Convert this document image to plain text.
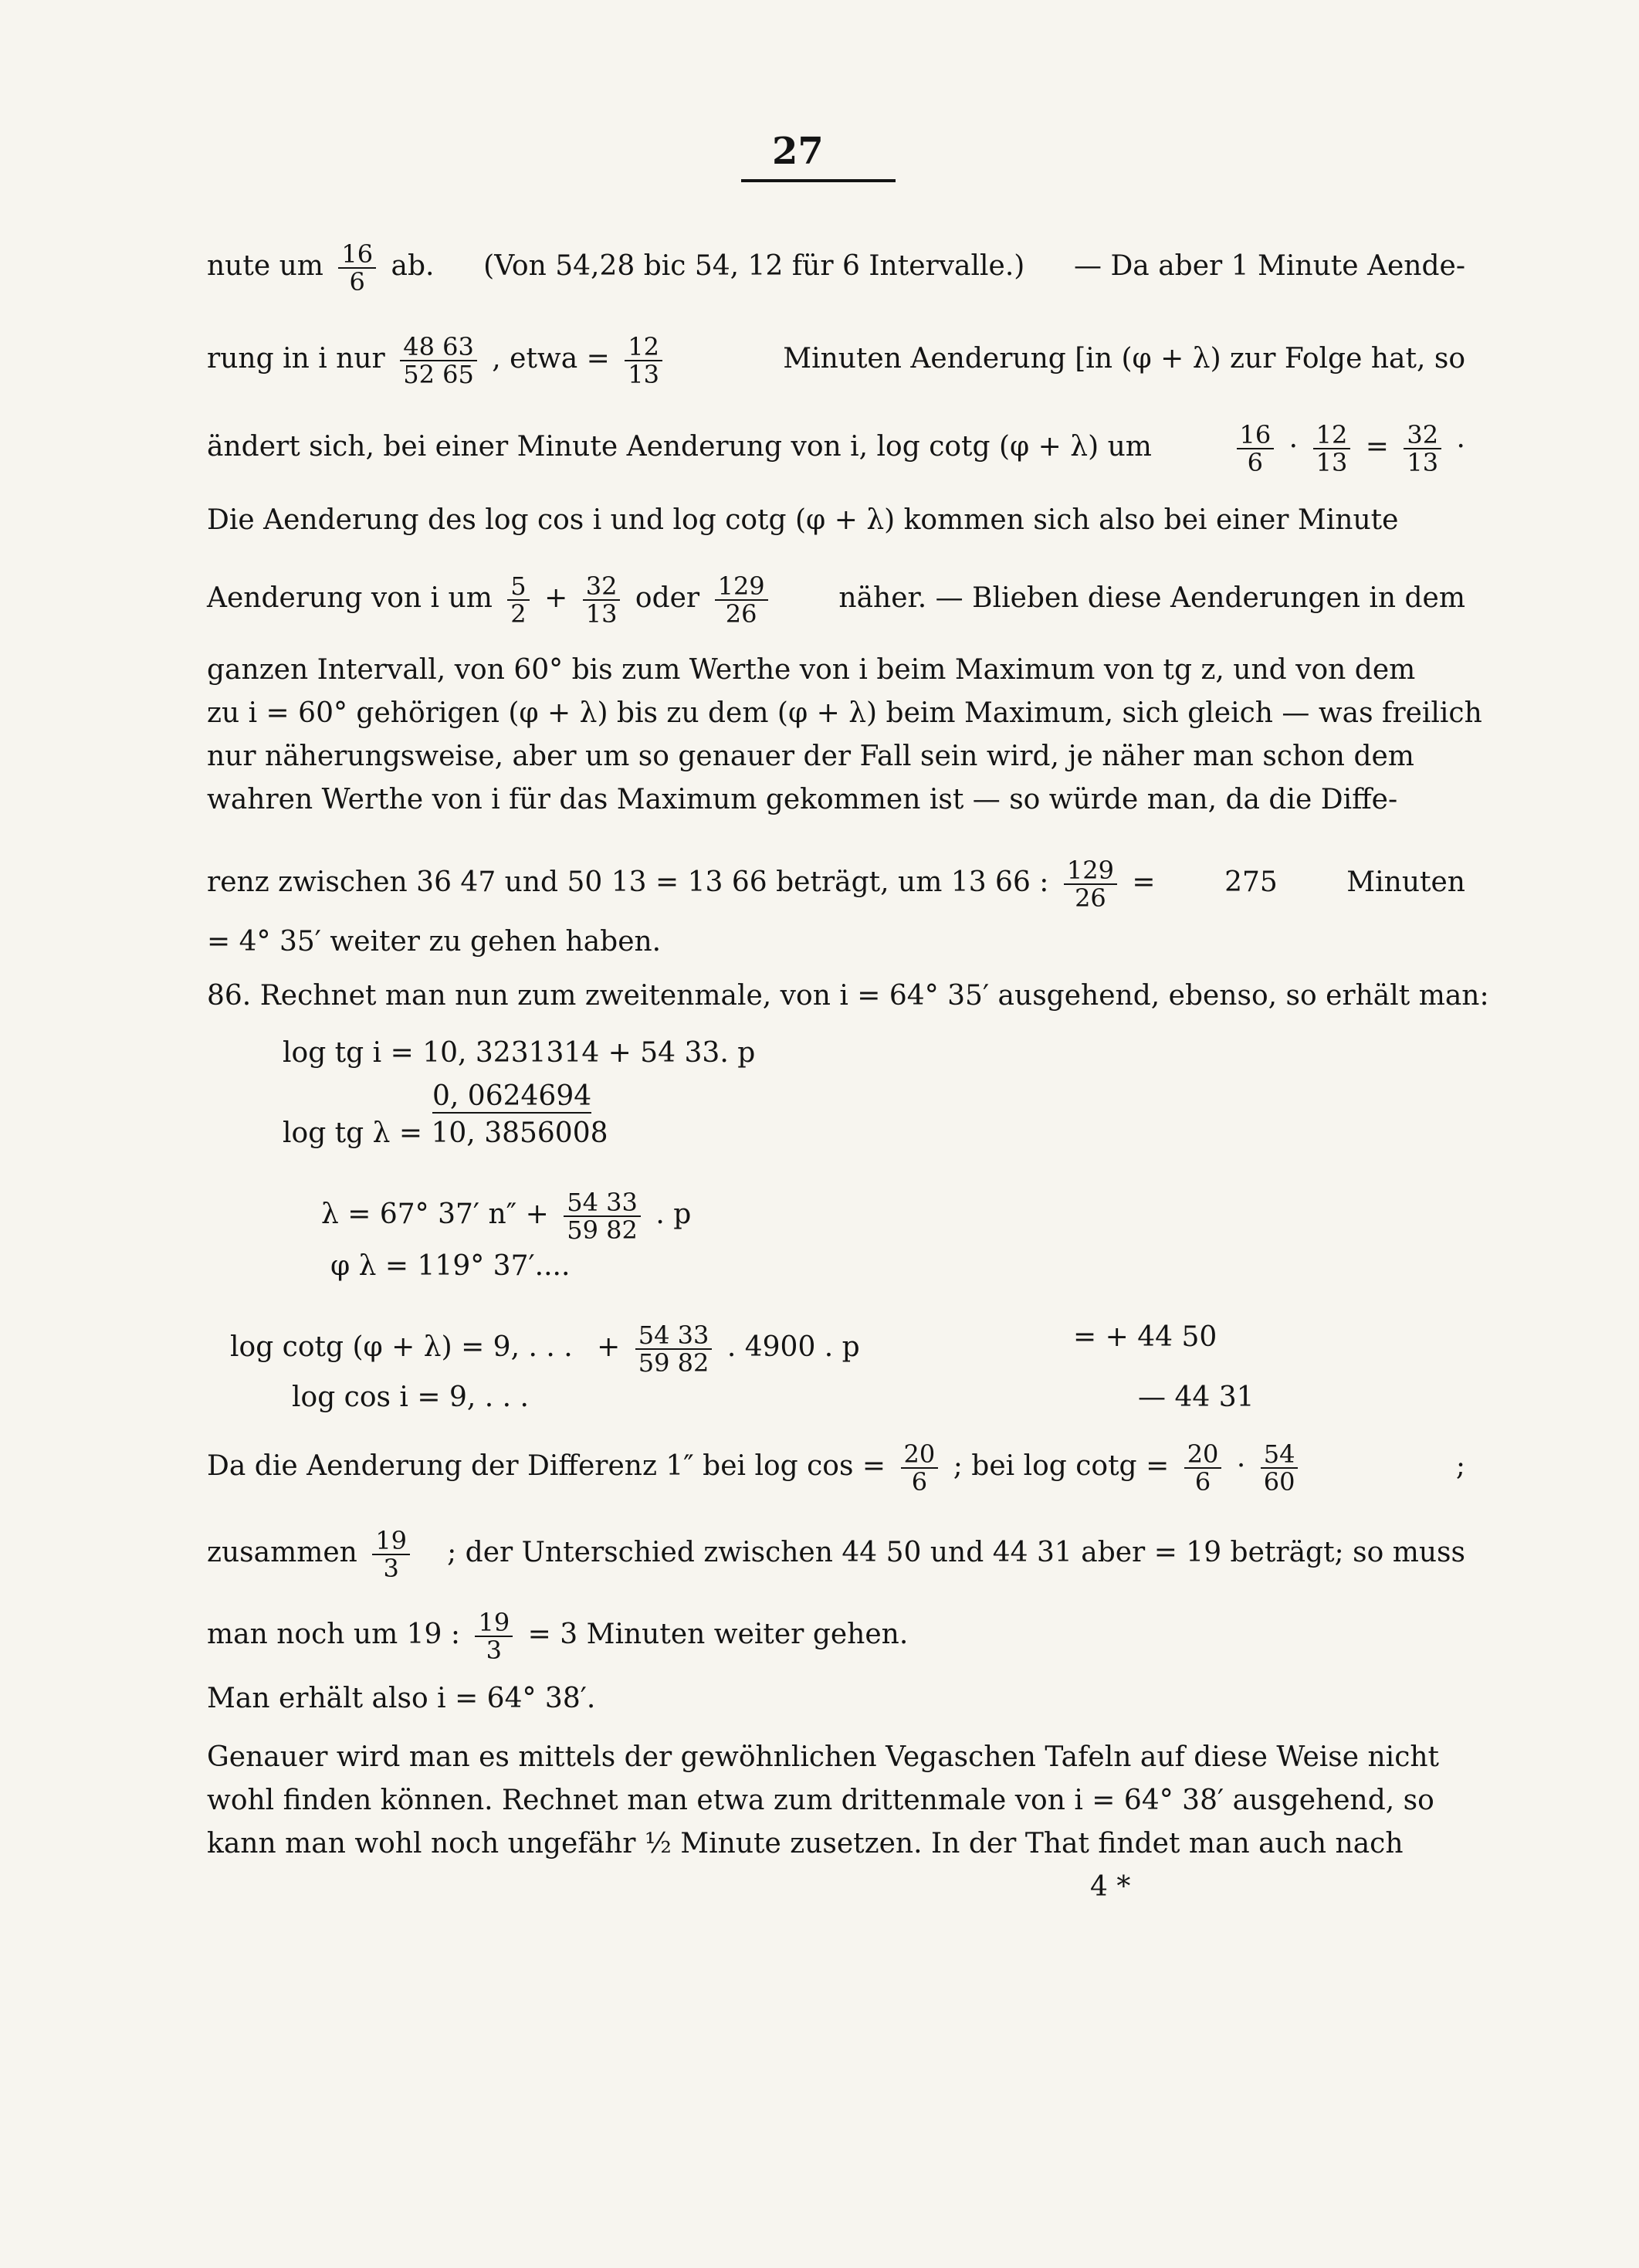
27
nute um $\frac{16}{6}$ ab. (Von 54,28 bic 54, 12 für 6 Intervalle.) — Da aber 1 Minute Aende-
rung in i nur $\frac{48 63}{52 65}$ , etwa = $\frac{12}{13}$	Minuten Aenderung [in (φ + λ) zur Folge hat, so
ändert sich, bei einer Minute Aenderung von i, log cotg (φ + λ) um	$\frac{16}{6} \cdot \frac{12}{13} = \frac{32}{13}$ ·
Die Aenderung des log cos i und log cotg (φ + λ) kommen sich also bei einer Minute
Aenderung von i um $\frac{5}{2} + \frac{32}{13}$ oder $\frac{129}{26}$	näher. — Blieben diese Aenderungen in dem
ganzen Intervall, von 60° bis zum Werthe von i beim Maximum von tg z, und von dem
zu i = 60° gehörigen (φ + λ) bis zu dem (φ + λ) beim Maximum, sich gleich — was freilich
nur näherungsweise, aber um so genauer der Fall sein wird, je näher man schon dem
wahren Werthe von i für das Maximum gekommen ist — so würde man, da die Diffe-
renz zwischen 36 47 und 50 13 = 13 66 beträgt, um 13 66 : $\frac{129}{26} = 275$ Minuten
= 4° 35′ weiter zu gehen haben.
86. Rechnet man nun zum zweitenmale, von i = 64° 35′ ausgehend, ebenso, so erhält man:
log tg i = 10, 3231314 + 54 33. p
0, 0624694
log tg λ = 10, 3856008
λ = 67° 37′ $n'' + \frac{54 33}{59 82}$ . p
φ λ = 119° 37′....
log cotg (φ + λ) = 9, . . . + $\frac{54 33}{59 82}$ . 4900 . p	= + 44 50
log cos i = 9, . . .	— 44 31
Da die Aenderung der Differenz 1″ bei $\log \cos = \frac{20}{6}$ ; bei $\log \cot g = \frac{20}{6} \cdot \frac{54}{60}$	;
zusammen $\frac{19}{3}$ ; der Unterschied zwischen 44 50 und 44 31 aber = 19 beträgt; so muss
man noch um 19 : $\frac{19}{3} = 3$ Minuten weiter gehen.
Man erhält also i = 64° 38′.
Genauer wird man es mittels der gewöhnlichen Vegaschen Tafeln auf diese Weise nicht
wohl finden können. Rechnet man etwa zum drittenmale von i = 64° 38′ ausgehend, so
kann man wohl noch ungefähr ½ Minute zusetzen. In der That findet man auch nach
4 *
